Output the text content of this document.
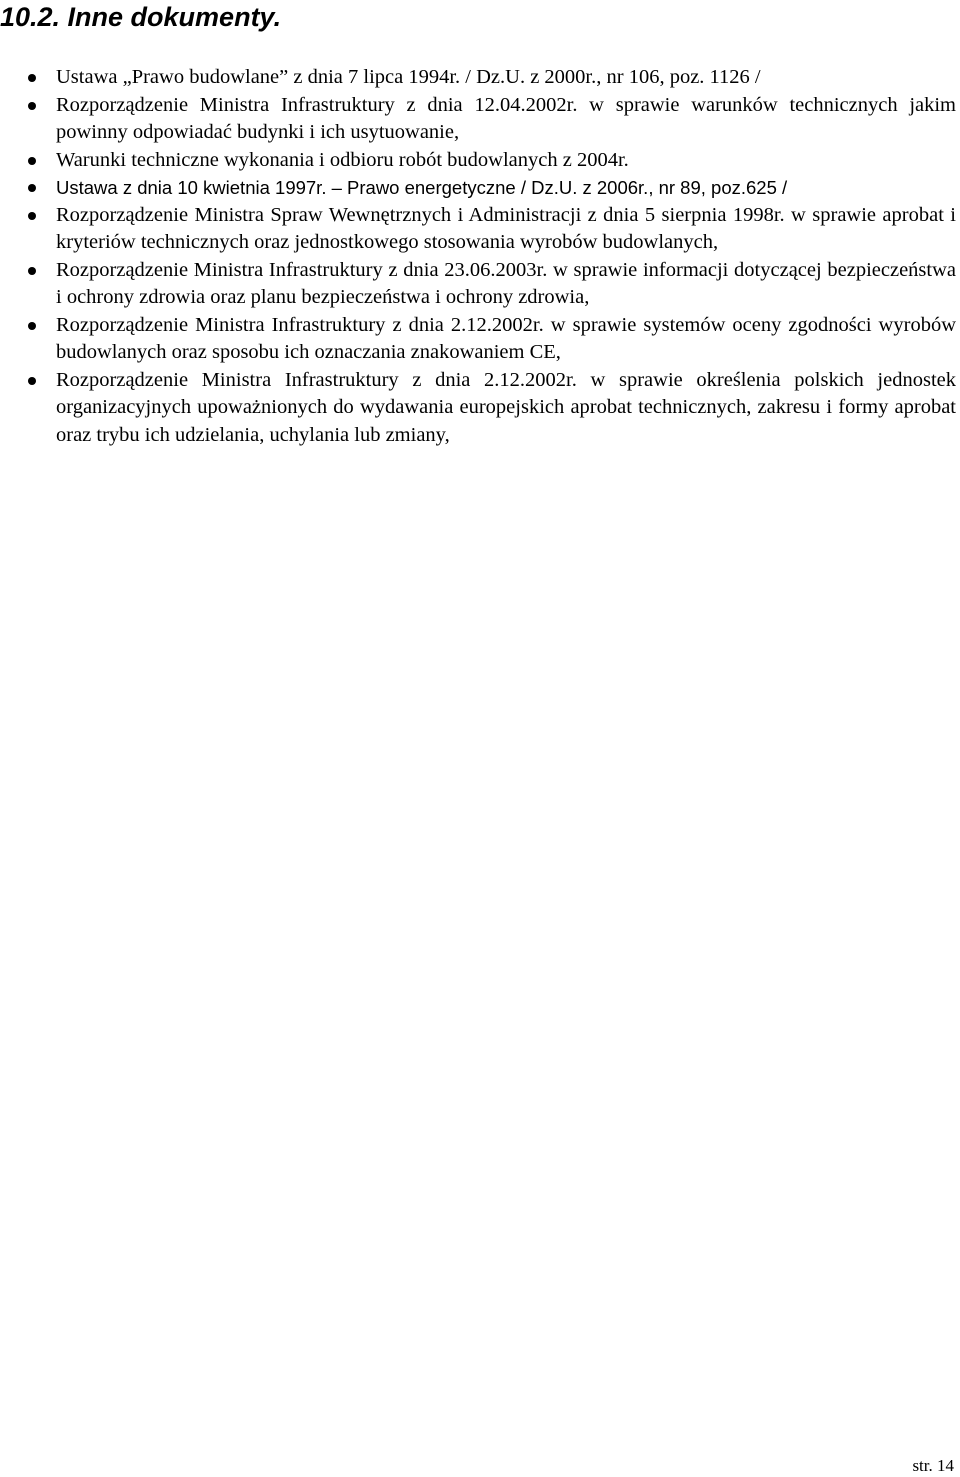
10.2. Inne dokumenty.
Ustawa „Prawo budowlane” z dnia 7 lipca 1994r. / Dz.U. z 2000r., nr 106, poz. 1126 /
Rozporządzenie Ministra Infrastruktury z dnia 12.04.2002r. w sprawie warunków technicznych jakim powinny odpowiadać budynki i ich usytuowanie,
Warunki techniczne wykonania i odbioru robót budowlanych z 2004r.
Ustawa z dnia 10 kwietnia 1997r. – Prawo energetyczne / Dz.U. z 2006r., nr 89, poz.625 /
Rozporządzenie Ministra Spraw Wewnętrznych i Administracji z dnia 5 sierpnia 1998r. w sprawie aprobat i kryteriów technicznych oraz jednostkowego stosowania wyrobów budowlanych,
Rozporządzenie Ministra Infrastruktury z dnia 23.06.2003r. w sprawie informacji dotyczącej bezpieczeństwa i ochrony zdrowia oraz planu bezpieczeństwa i ochrony zdrowia,
Rozporządzenie Ministra Infrastruktury z dnia 2.12.2002r. w sprawie systemów oceny zgodności wyrobów budowlanych oraz sposobu ich oznaczania znakowaniem CE,
Rozporządzenie Ministra Infrastruktury z dnia 2.12.2002r. w sprawie określenia polskich jednostek organizacyjnych upoważnionych do wydawania europejskich aprobat technicznych, zakresu i formy aprobat oraz trybu ich udzielania, uchylania lub zmiany,
str. 14
